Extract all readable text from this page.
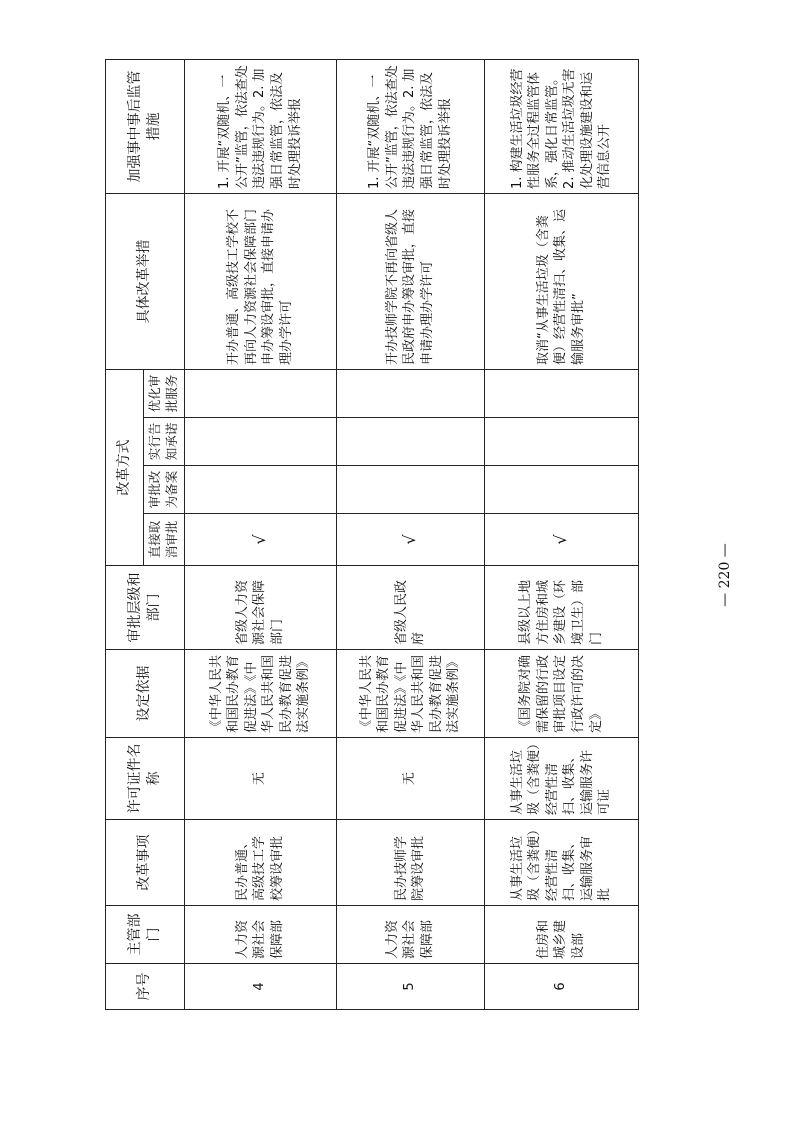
序号	主管部门	改革事项	许可证件名称	设定依据	审批层级和部门	改革方式				具体改革举措	加强事中事后监管措施
						直接取消审批	审批改为备案	实行告知承诺	优化审批服务		
4	人力资源社会保障部	民办普通、高级技工学校筹设审批	无	《中华人民共和国民办教育促进法》《中华人民共和国民办教育促进法实施条例》	省级人力资源社会保障部门	√				开办普通、高级技工学校不再向人力资源社会保障部门申办筹设审批，直接申请办理办学许可	1. 开展“双随机、一公开”监管，依法查处违法违规行为。2. 加强日常监管，依法及时处理投诉举报
5	人力资源社会保障部	民办技师学院筹设审批	无	《中华人民共和国民办教育促进法》《中华人民共和国民办教育促进法实施条例》	省级人民政府	√				开办技师学院不再向省级人民政府申办筹设审批，直接申请办理办学许可	1. 开展“双随机、一公开”监管，依法查处违法违规行为。2. 加强日常监管，依法及时处理投诉举报
6	住房和城乡建设部	从事生活垃圾（含粪便）经营性清扫、收集、运输服务审批	从事生活垃圾（含粪便）经营性清扫、收集、运输服务许可证	《国务院对确需保留的行政审批项目设定行政许可的决定》	县级以上地方住房和城乡建设（环境卫生）部门	√				取消“从事生活垃圾（含粪便）经营性清扫、收集、运输服务审批”	1. 构建生活垃圾经营性服务全过程监管体系，强化日常监管。2. 推动生活垃圾无害化处理设施建设和运营信息公开
— 220 —
